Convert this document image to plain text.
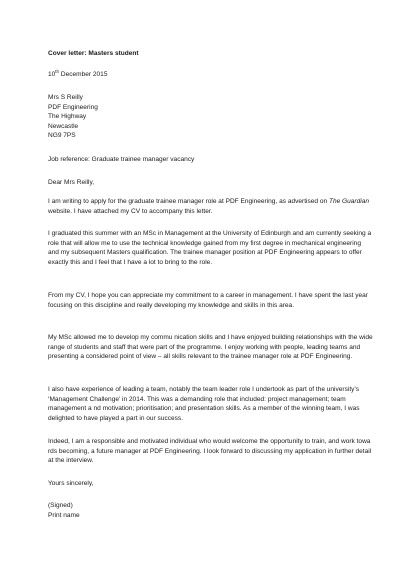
Cover letter: Masters student

10th December 2015

Mrs S Reilly

PDF Engineering

The Highway

Newcastle

NG9 7PS

Job reference: Graduate trainee manager vacancy

Dear Mrs Reilly,

I am writing to apply for the graduate trainee manager role at PDF Engineering, as advertised on The Guardian website. I have attached my CV to accompany this letter.

I graduated this summer with an MSc in Management at the University of Edinburgh and am currently seeking a role that will allow me to use the technical knowledge gained from my first degree in mechanical engineering and my subsequent Masters qualification. The trainee manager position at PDF Engineering appears to offer exactly this and I feel that I have a lot to bring to the role.

From my CV, I hope you can appreciate my commitment to a career in management. I have spent the last year focusing on this discipline and really developing my knowledge and skills in this area.

My MSc allowed me to develop my commu nication skills and I have enjoyed building relationships with the wide range of students and staff that were part of the programme. I enjoy working with people, leading teams and presenting a considered point of view – all skills relevant to the trainee manager role at PDF Engineering.

I also have experience of leading a team, notably the team leader role I undertook as part of the university’s ‘Management Challenge’ in 2014. This was a demanding role that included: project management; team management a nd motivation; prioritisation; and presentation skills. As a member of the winning team, I was delighted to have played a part in our success.

Indeed, I am a responsible and motivated individual who would welcome the opportunity to train, and work towa rds becoming, a future manager at PDF Engineering. I look forward to discussing my application in further detail at the interview.

Yours sincerely,

(Signed)

Print name
